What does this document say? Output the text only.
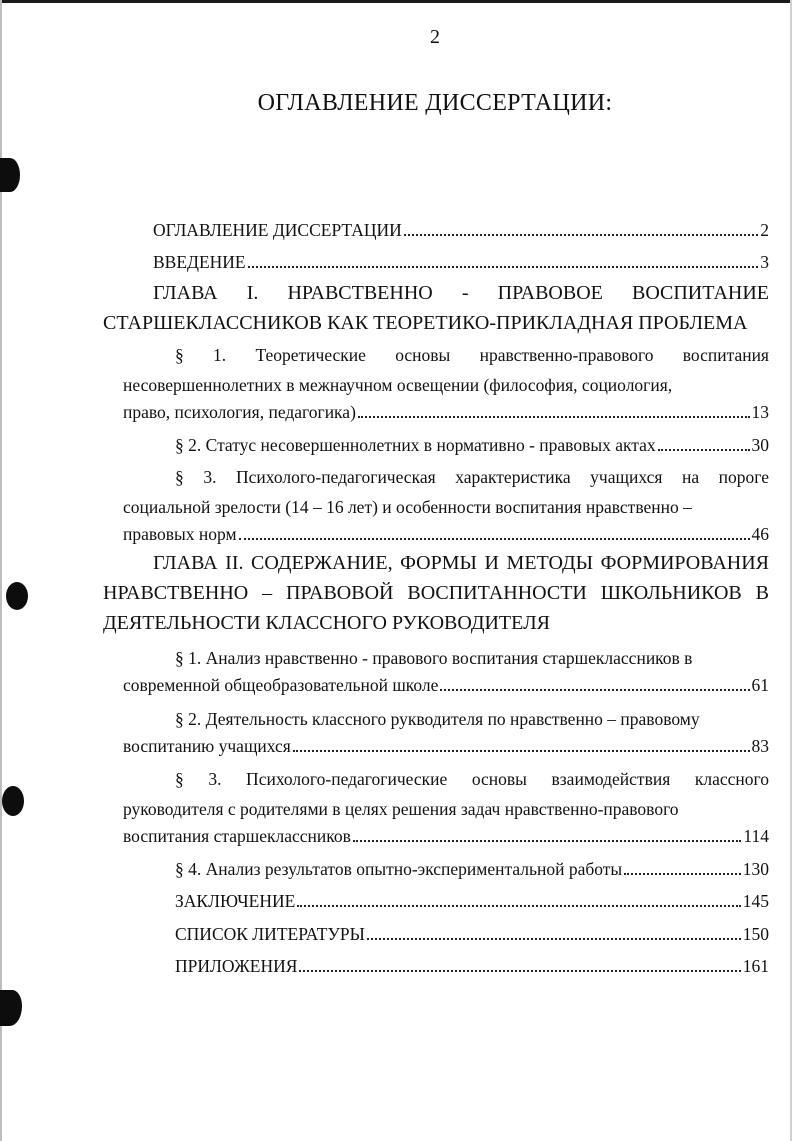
2
ОГЛАВЛЕНИЕ ДИССЕРТАЦИИ:
ОГЛАВЛЕНИЕ ДИССЕРТАЦИИ	2
ВВЕДЕНИЕ	3
ГЛАВА I. НРАВСТВЕННО - ПРАВОВОЕ ВОСПИТАНИЕ СТАРШЕКЛАССНИКОВ КАК ТЕОРЕТИКО-ПРИКЛАДНАЯ ПРОБЛЕМА
§ 1. Теоретические основы нравственно-правового воспитания несовершеннолетних в межнаучном освещении (философия, социология,
право, психология, педагогика)	13
§ 2. Статус несовершеннолетних в нормативно - правовых актах	30
§ 3. Психолого-педагогическая характеристика учащихся на пороге социальной зрелости (14 – 16 лет) и особенности воспитания нравственно –
правовых норм	46
ГЛАВА II. СОДЕРЖАНИЕ, ФОРМЫ И МЕТОДЫ ФОРМИРОВАНИЯ НРАВСТВЕННО – ПРАВОВОЙ ВОСПИТАННОСТИ ШКОЛЬНИКОВ В ДЕЯТЕЛЬНОСТИ КЛАССНОГО РУКОВОДИТЕЛЯ
§ 1. Анализ нравственно - правового воспитания старшеклассников в
современной общеобразовательной школе	61
§ 2. Деятельность классного рукводителя по нравственно – правовому
воспитанию учащихся	83
§ 3. Психолого-педагогические основы взаимодействия классного руководителя с родителями в целях решения задач нравственно-правового
воспитания старшеклассников	114
§ 4. Анализ результатов опытно-экспериментальной работы	130
ЗАКЛЮЧЕНИЕ	145
СПИСОК ЛИТЕРАТУРЫ	150
ПРИЛОЖЕНИЯ	161
